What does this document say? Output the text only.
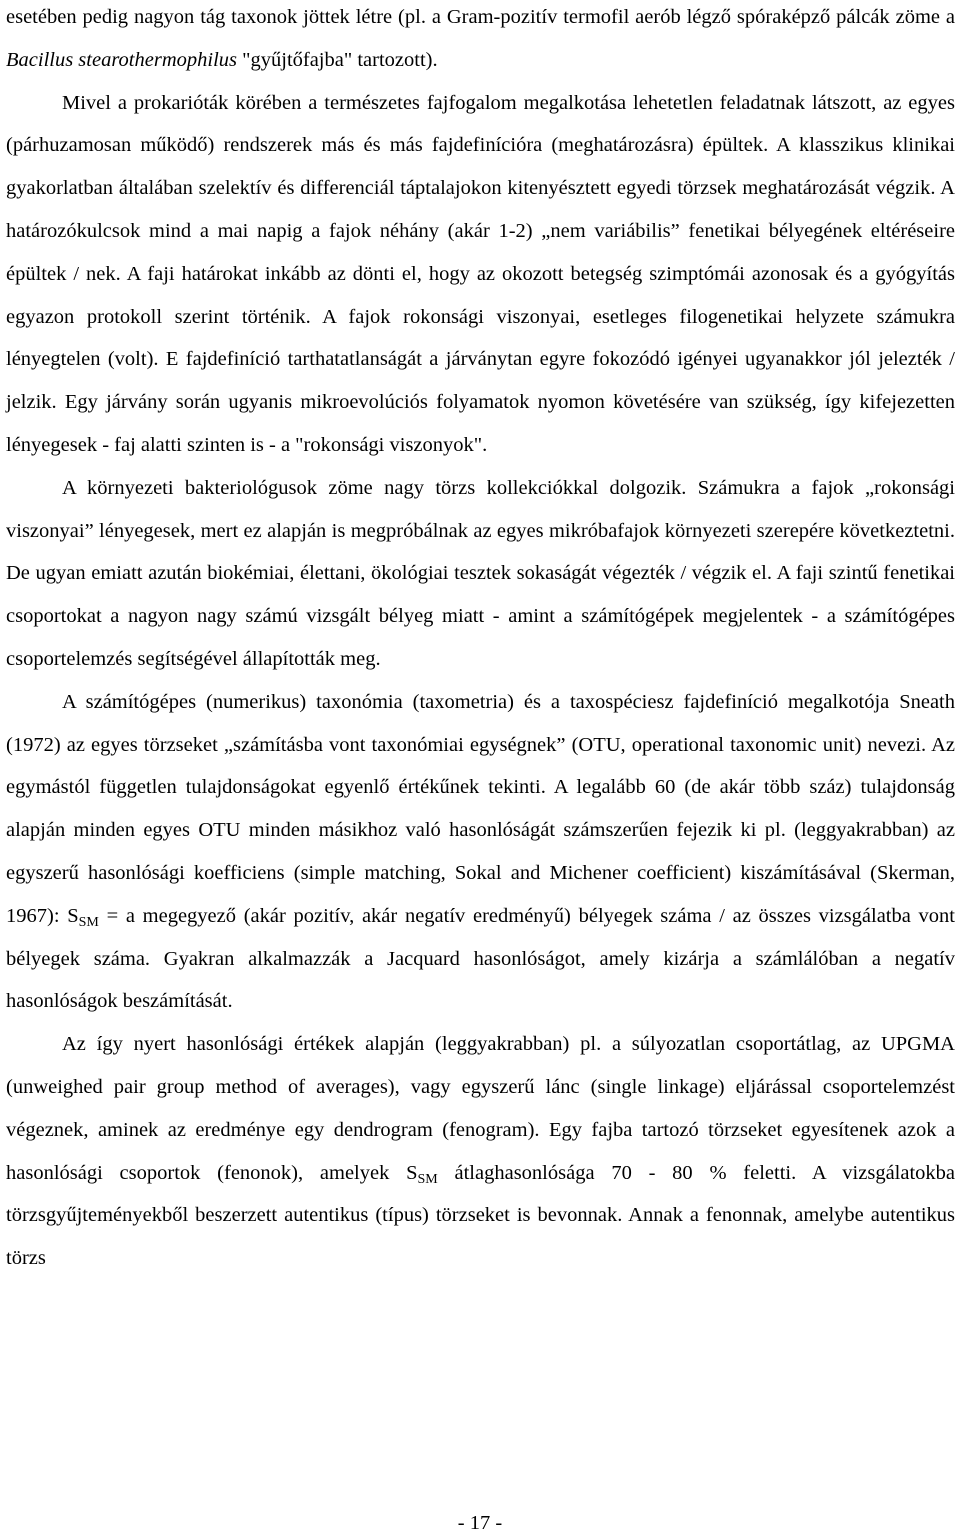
esetében pedig nagyon tág taxonok jöttek létre (pl. a Gram-pozitív termofil aerób légző spóraképző pálcák zöme a Bacillus stearothermophilus "gyűjtőfajba" tartozott).

Mivel a prokarióták körében a természetes fajfogalom megalkotása lehetetlen feladatnak látszott, az egyes (párhuzamosan működő) rendszerek más és más fajdefinícióra (meghatározásra) épültek. A klasszikus klinikai gyakorlatban általában szelektív és differenciál táptalajokon kitenyésztett egyedi törzsek meghatározását végzik. A határozókulcsok mind a mai napig a fajok néhány (akár 1-2) „nem variábilis” fenetikai bélyegének eltéréseire épültek / nek. A faji határokat inkább az dönti el, hogy az okozott betegség szimptómái azonosak és a gyógyítás egyazon protokoll szerint történik. A fajok rokonsági viszonyai, esetleges filogenetikai helyzete számukra lényegtelen (volt). E fajdefiníció tarthatatlanságát a járványtan egyre fokozódó igényei ugyanakkor jól jelezték / jelzik. Egy járvány során ugyanis mikroevolúciós folyamatok nyomon követésére van szükség, így kifejezetten lényegesek - faj alatti szinten is - a "rokonsági viszonyok".

A környezeti bakteriológusok zöme nagy törzs kollekciókkal dolgozik. Számukra a fajok „rokonsági viszonyai” lényegesek, mert ez alapján is megpróbálnak az egyes mikróbafajok környezeti szerepére következtetni. De ugyan emiatt azután biokémiai, élettani, ökológiai tesztek sokaságát végezték / végzik el. A faji szintű fenetikai csoportokat a nagyon nagy számú vizsgált bélyeg miatt - amint a számítógépek megjelentek - a számítógépes csoportelemzés segítségével állapították meg.

A számítógépes (numerikus) taxonómia (taxometria) és a taxospéciesz fajdefiníció megalkotója Sneath (1972) az egyes törzseket „számításba vont taxonómiai egységnek” (OTU, operational taxonomic unit) nevezi. Az egymástól független tulajdonságokat egyenlő értékűnek tekinti. A legalább 60 (de akár több száz) tulajdonság alapján minden egyes OTU minden másikhoz való hasonlóságát számszerűen fejezik ki pl. (leggyakrabban) az egyszerű hasonlósági koefficiens (simple matching, Sokal and Michener coefficient) kiszámításával (Skerman, 1967): $S_{SM} = a$ megegyező (akár pozitív, akár negatív eredményű) bélyegek száma / az összes vizsgálatba vont bélyegek száma. Gyakran alkalmazzák a Jacquard hasonlóságot, amely kizárja a számlálóban a negatív hasonlóságok beszámítását.

Az így nyert hasonlósági értékek alapján (leggyakrabban) pl. a súlyozatlan csoportátlag, az UPGMA (unweighed pair group method of averages), vagy egyszerű lánc (single linkage) eljárással csoportelemzést végeznek, aminek az eredménye egy dendrogram (fenogram). Egy fajba tartozó törzseket egyesítenek azok a hasonlósági csoportok (fenonok), amelyek $S_{SM}$ átlaghasonlósága 70 - 80 % feletti. A vizsgálatokba törzsgyűjteményekből beszerzett autentikus (típus) törzseket is bevonnak. Annak a fenonnak, amelybe autentikus törzs

- 17 -
